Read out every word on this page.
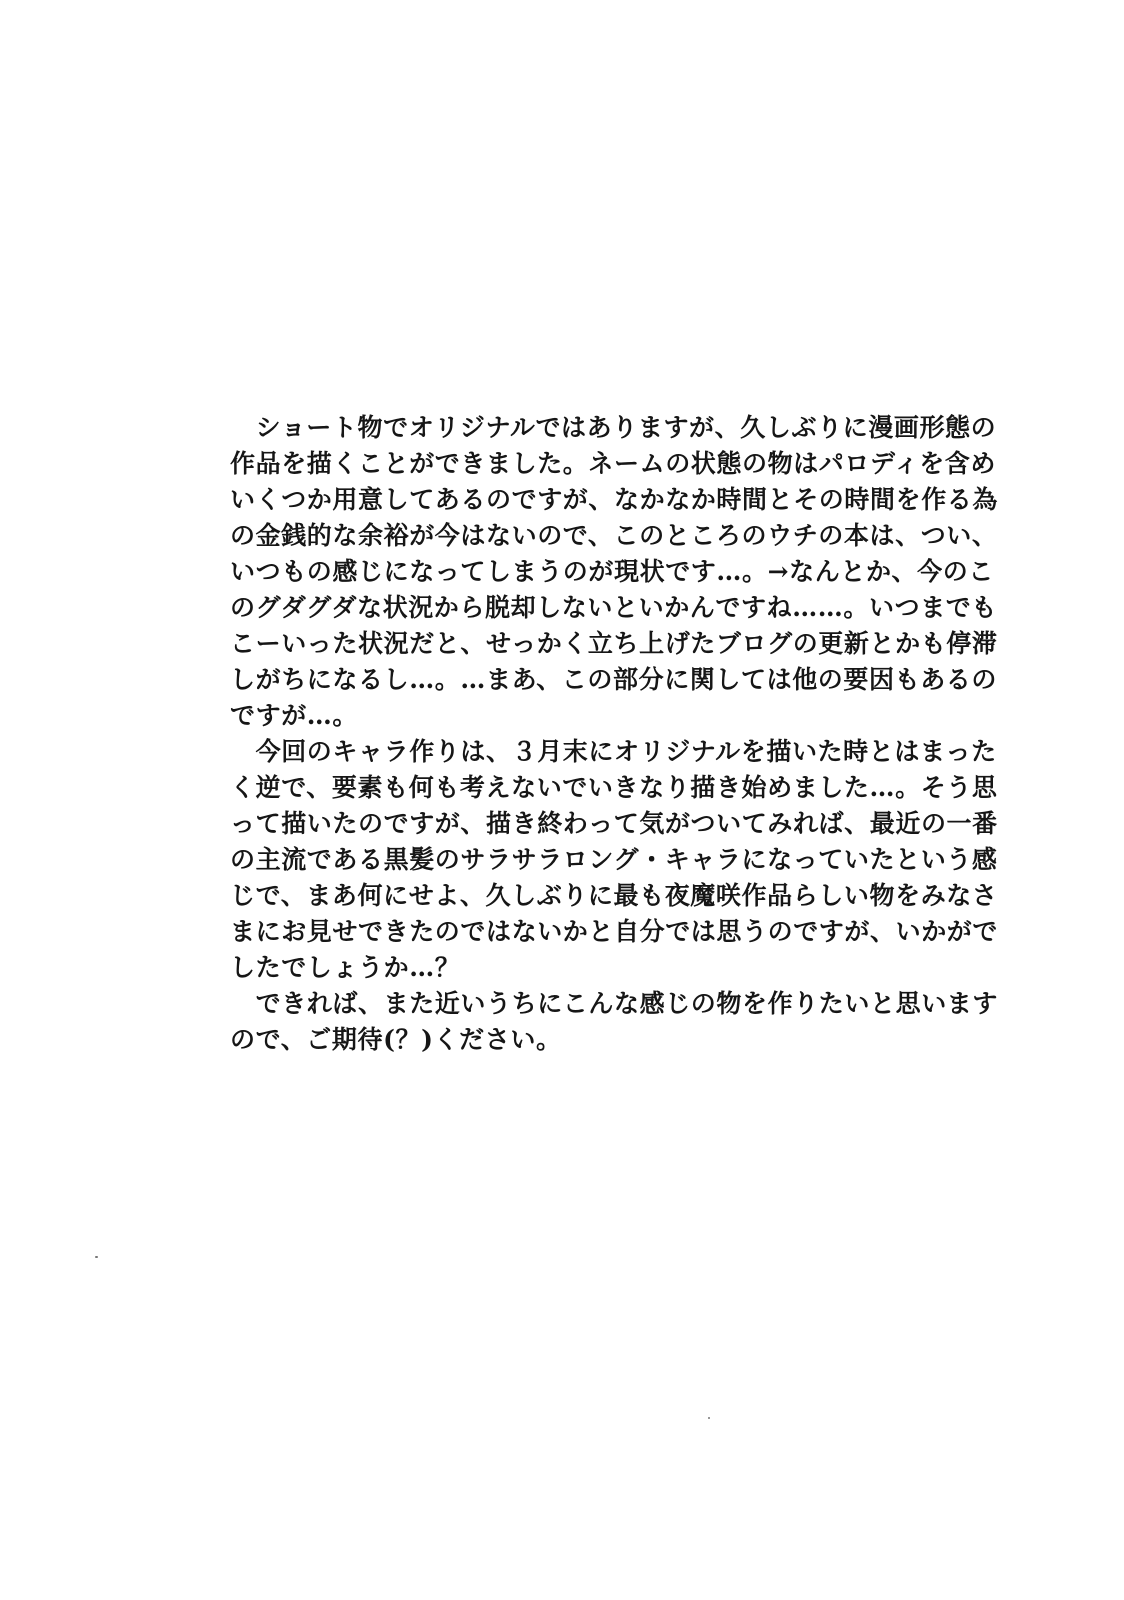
　ショート物でオリジナルではありますが、久しぶりに漫画形態の
作品を描くことができました。ネームの状態の物はパロディを含め
いくつか用意してあるのですが、なかなか時間とその時間を作る為
の金銭的な余裕が今はないので、このところのウチの本は、つい、
いつもの感じになってしまうのが現状です…。→なんとか、今のこ
のグダグダな状況から脱却しないといかんですね……。いつまでも
こーいった状況だと、せっかく立ち上げたブログの更新とかも停滞
しがちになるし…。…まあ、この部分に関しては他の要因もあるの
ですが…。
　今回のキャラ作りは、３月末にオリジナルを描いた時とはまった
く逆で、要素も何も考えないでいきなり描き始めました…。そう思
って描いたのですが、描き終わって気がついてみれば、最近の一番
の主流である黒髪のサラサラロング・キャラになっていたという感
じで、まあ何にせよ、久しぶりに最も夜魔咲作品らしい物をみなさ
まにお見せできたのではないかと自分では思うのですが、いかがで
したでしょうか…？
　できれば、また近いうちにこんな感じの物を作りたいと思います
ので、ご期待(？)ください。
